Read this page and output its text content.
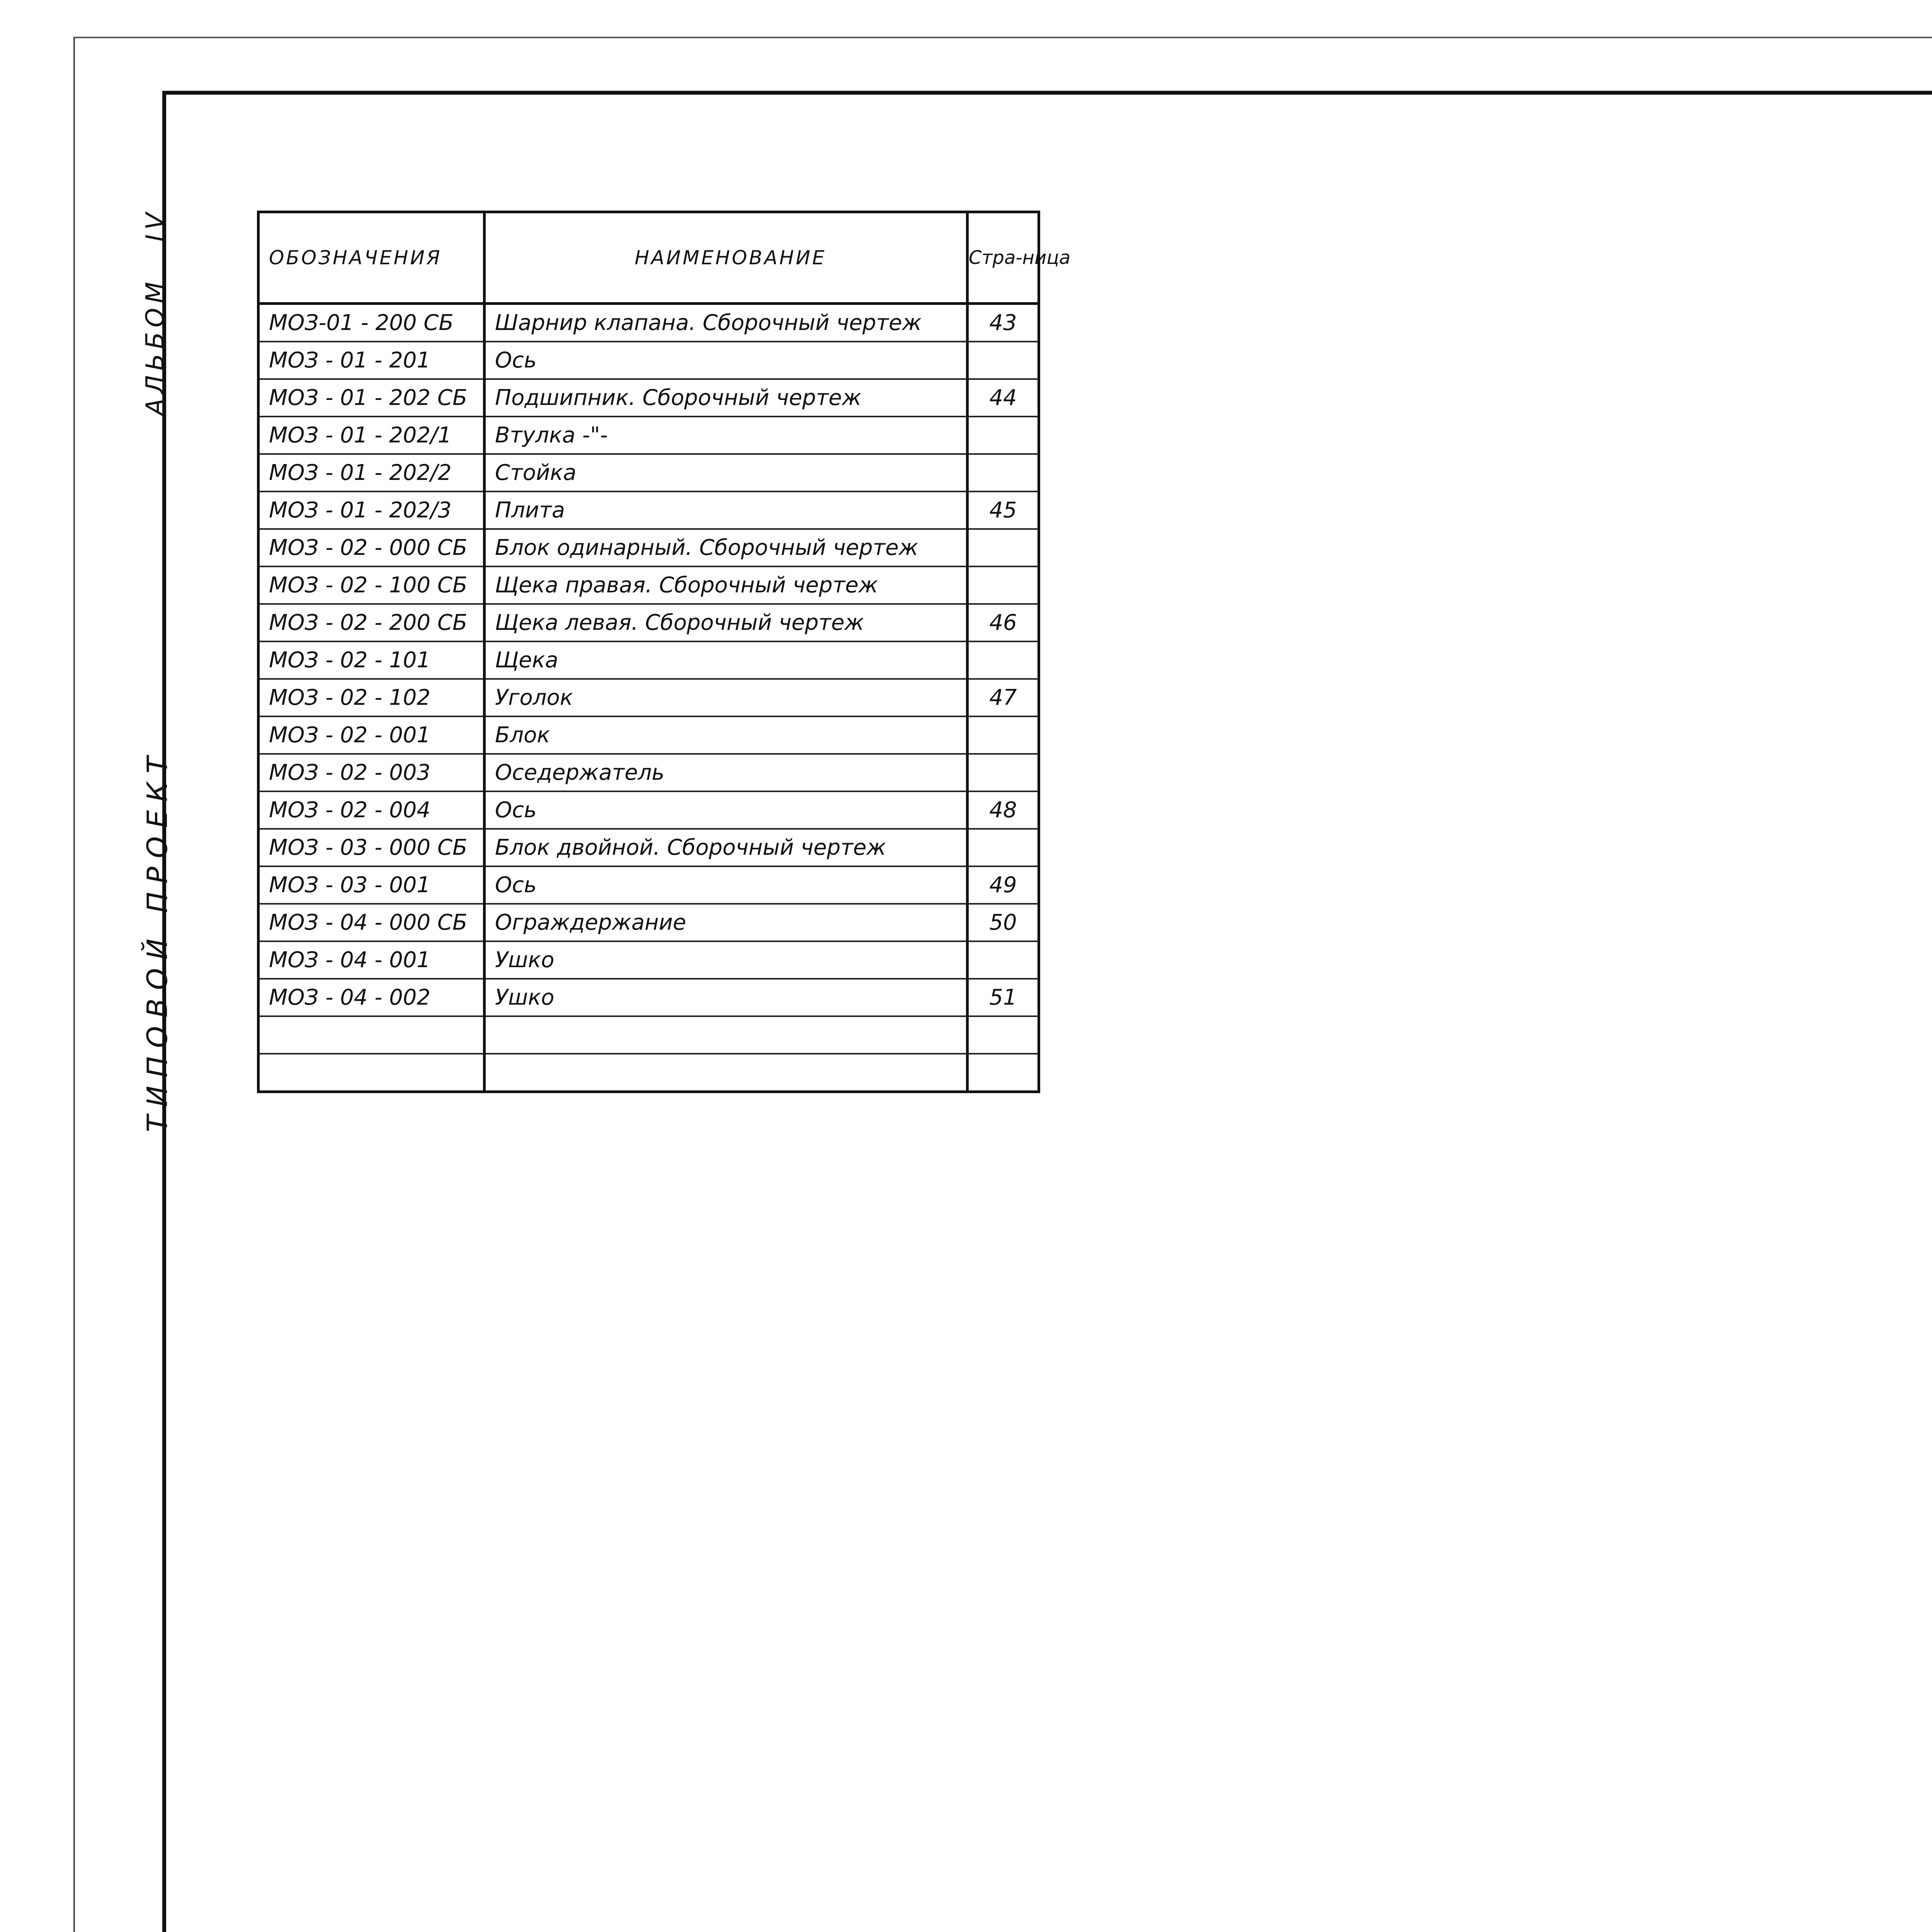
АЛЬБОМ IV
ТИПОВОЙ ПРОЕКТ
ОБОЗНАЧЕНИЯ	НАИМЕНОВАНИЕ	Стра-ница
МОЗ-01 - 200 СБ	Шарнир клапана. Сборочный чертеж	43
МОЗ - 01 - 201	Ось	
МОЗ - 01 - 202 СБ	Подшипник. Сборочный чертеж	44
МОЗ - 01 - 202/1	Втулка -"-	
МОЗ - 01 - 202/2	Стойка	
МОЗ - 01 - 202/3	Плита	45
МОЗ - 02 - 000 СБ	Блок одинарный. Сборочный чертеж	
МОЗ - 02 - 100 СБ	Щека правая. Сборочный чертеж	
МОЗ - 02 - 200 СБ	Щека левая. Сборочный чертеж	46
МОЗ - 02 - 101	Щека	
МОЗ - 02 - 102	Уголок	47
МОЗ - 02 - 001	Блок	
МОЗ - 02 - 003	Оседержатель	
МОЗ - 02 - 004	Ось	48
МОЗ - 03 - 000 СБ	Блок двойной. Сборочный чертеж	
МОЗ - 03 - 001	Ось	49
МОЗ - 04 - 000 СБ	Ограждержание	50
МОЗ - 04 - 001	Ушко	
МОЗ - 04 - 002	Ушко	51
